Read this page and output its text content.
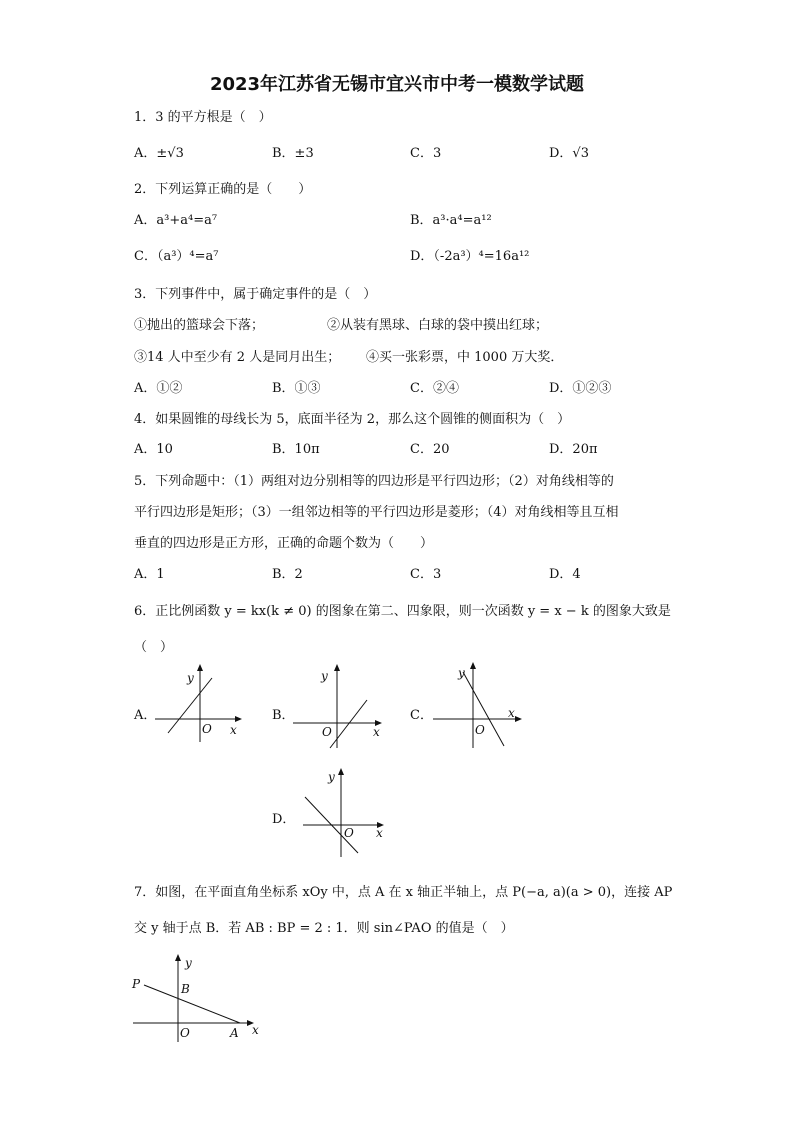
2023年江苏省无锡市宜兴市中考一模数学试题
1．3 的平方根是（　）
A．±√3	B．±3	C．3	D．√3
2．下列运算正确的是（　　）
A．a³+a⁴=a⁷	B．a³·a⁴=a¹²
C．（a³）⁴=a⁷	D．（-2a³）⁴=16a¹²
3．下列事件中，属于确定事件的是（　）
①抛出的篮球会下落；	②从装有黑球、白球的袋中摸出红球；
③14 人中至少有 2 人是同月出生； ④买一张彩票，中 1000 万大奖．
A．①②	B．①③	C．②④	D．①②③
4．如果圆锥的母线长为 5，底面半径为 2，那么这个圆锥的侧面积为（　）
A．10	B．10π	C．20	D．20π
5．下列命题中：（1）两组对边分别相等的四边形是平行四边形；（2）对角线相等的
平行四边形是矩形；（3）一组邻边相等的平行四边形是菱形；（4）对角线相等且互相
垂直的四边形是正方形，正确的命题个数为（　　）
A．1	B．2	C．3	D．4
6．正比例函数 y = kx(k ≠ 0) 的图象在第二、四象限，则一次函数 y = x − k 的图象大致是
（　）
A．
y
O x
B．
y
O	x
C．
y
O
x
D．
y
O x
7．如图，在平面直角坐标系 xOy 中，点 A 在 x 轴正半轴上，点 P(−a, a)(a > 0)，连接 AP
交 y 轴于点 B．若 AB : BP = 2 : 1．则 sin∠PAO 的值是（　）
P	B
O	A x
y
